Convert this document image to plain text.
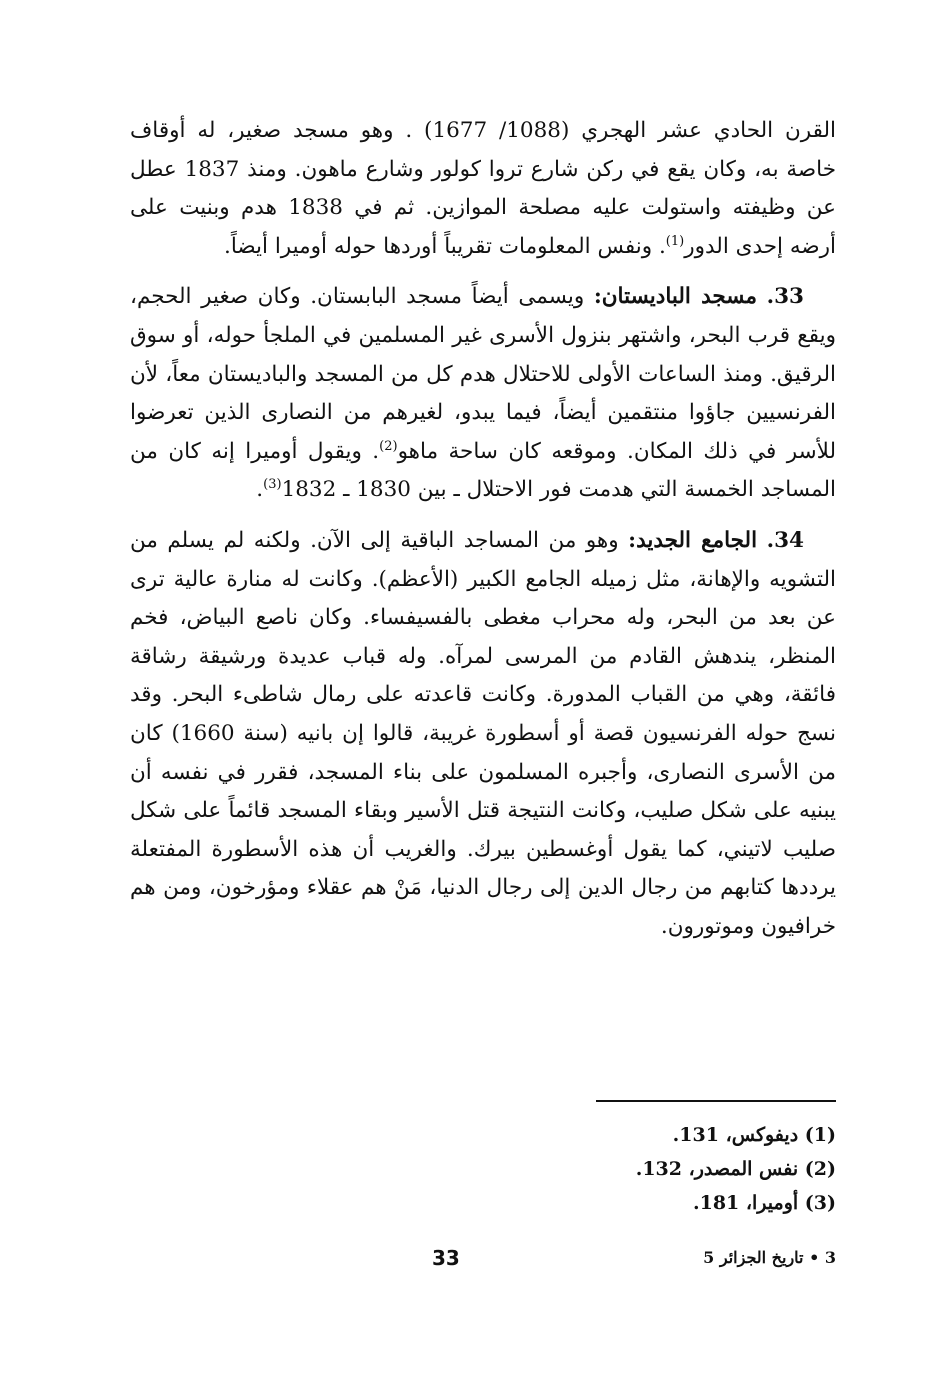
القرن الحادي عشر الهجري (1088/ 1677) . وهو مسجد صغير، له أوقاف خاصة به، وكان يقع في ركن شارع تروا كولور وشارع ماهون. ومنذ 1837 عطل عن وظيفته واستولت عليه مصلحة الموازين. ثم في 1838 هدم وبنيت على أرضه إحدى الدور$^{(1)}$. ونفس المعلومات تقريباً أوردها حوله أوميرا أيضاً.

33. مسجد الباديستان: ويسمى أيضاً مسجد البابستان. وكان صغير الحجم، ويقع قرب البحر، واشتهر بنزول الأسرى غير المسلمين في الملجأ حوله، أو سوق الرقيق. ومنذ الساعات الأولى للاحتلال هدم كل من المسجد والباديستان معاً، لأن الفرنسيين جاؤوا منتقمين أيضاً، فيما يبدو، لغيرهم من النصارى الذين تعرضوا للأسر في ذلك المكان. وموقعه كان ساحة ماهو$^{(2)}$. ويقول أوميرا إنه كان من المساجد الخمسة التي هدمت فور الاحتلال ـ بين 1830 ـ 1832$^{(3)}$.

34. الجامع الجديد: وهو من المساجد الباقية إلى الآن. ولكنه لم يسلم من التشويه والإهانة، مثل زميله الجامع الكبير (الأعظم). وكانت له منارة عالية ترى عن بعد من البحر، وله محراب مغطى بالفسيفساء. وكان ناصع البياض، فخم المنظر، يندهش القادم من المرسى لمرآه. وله قباب عديدة ورشيقة رشاقة فائقة، وهي من القباب المدورة. وكانت قاعدته على رمال شاطىء البحر. وقد نسج حوله الفرنسيون قصة أو أسطورة غريبة، قالوا إن بانيه (سنة 1660) كان من الأسرى النصارى، وأجبره المسلمون على بناء المسجد، فقرر في نفسه أن يبنيه على شكل صليب، وكانت النتيجة قتل الأسير وبقاء المسجد قائماً على شكل صليب لاتيني، كما يقول أوغسطين بيرك. والغريب أن هذه الأسطورة المفتعلة يرددها كتابهم من رجال الدين إلى رجال الدنيا، مَنْ هم عقلاء ومؤرخون، ومن هم خرافيون وموتورون.

(1) ديفوكس، 131.
(2) نفس المصدر، 132.
(3) أوميرا، 181.
3 • تاريخ الجزائر 5
33
